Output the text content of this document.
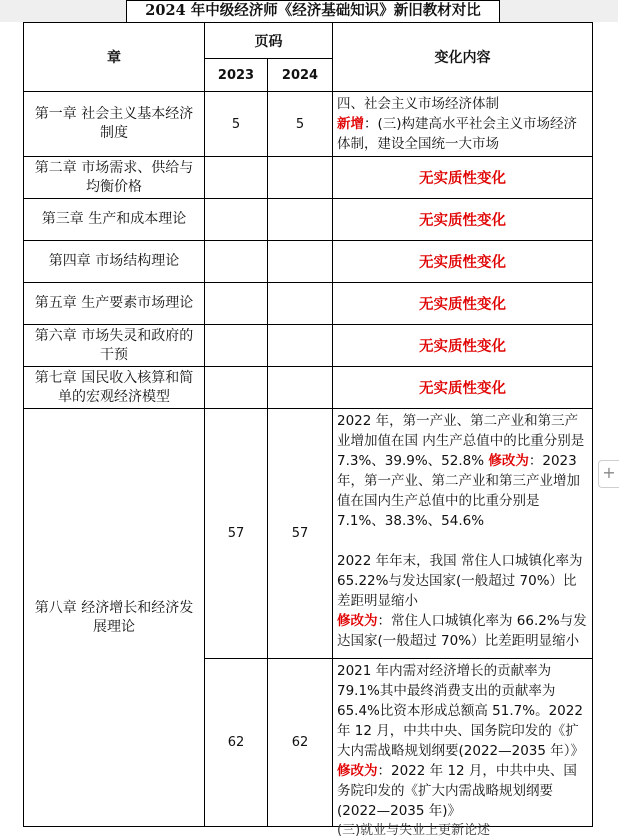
2024 年中级经济师《经济基础知识》新旧教材对比
章	页码		变化内容
	2023	2024	
第一章 社会主义基本经济制度	5	5	四、社会主义市场经济体制
新增：(三)构建高水平社会主义市场经济体制，建设全国统一大市场

第二章 市场需求、供给与均衡价格			无实质性变化
第三章 生产和成本理论			无实质性变化
第四章 市场结构理论			无实质性变化
第五章 生产要素市场理论			无实质性变化
第六章 市场失灵和政府的干预			无实质性变化
第七章 国民收入核算和简单的宏观经济模型			无实质性变化
第八章 经济增长和经济发展理论	57	57	2022 年，第一产业、第二产业和第三产业增加值在国 内生产总值中的比重分别是 7.3%、39.9%、52.8% 修改为：2023 年，第一产业、第二产业和第三产业增加值在国内生产总值中的比重分别是 7.1%、38.3%、54.6%
2022 年年末，我国 常住人口城镇化率为 65.22%与发达国家(一般超过 70%）比差距明显缩小
修改为：常住人口城镇化率为 66.2%与发达国家(一般超过 70%）比差距明显缩小

	62	62	2021 年内需对经济增长的贡献率为 79.1%其中最终消费支出的贡献率为 65.4%比资本形成总额高 51.7%。2022 年 12 月，中共中央、国务院印发的《扩大内需战略规划纲要(2022—2035 年）》修改为：2022 年 12 月，中共中央、国务院印发的《扩大内需战略规划纲要(2022—2035 年)》
(三)就业与失业上更新论述
+
